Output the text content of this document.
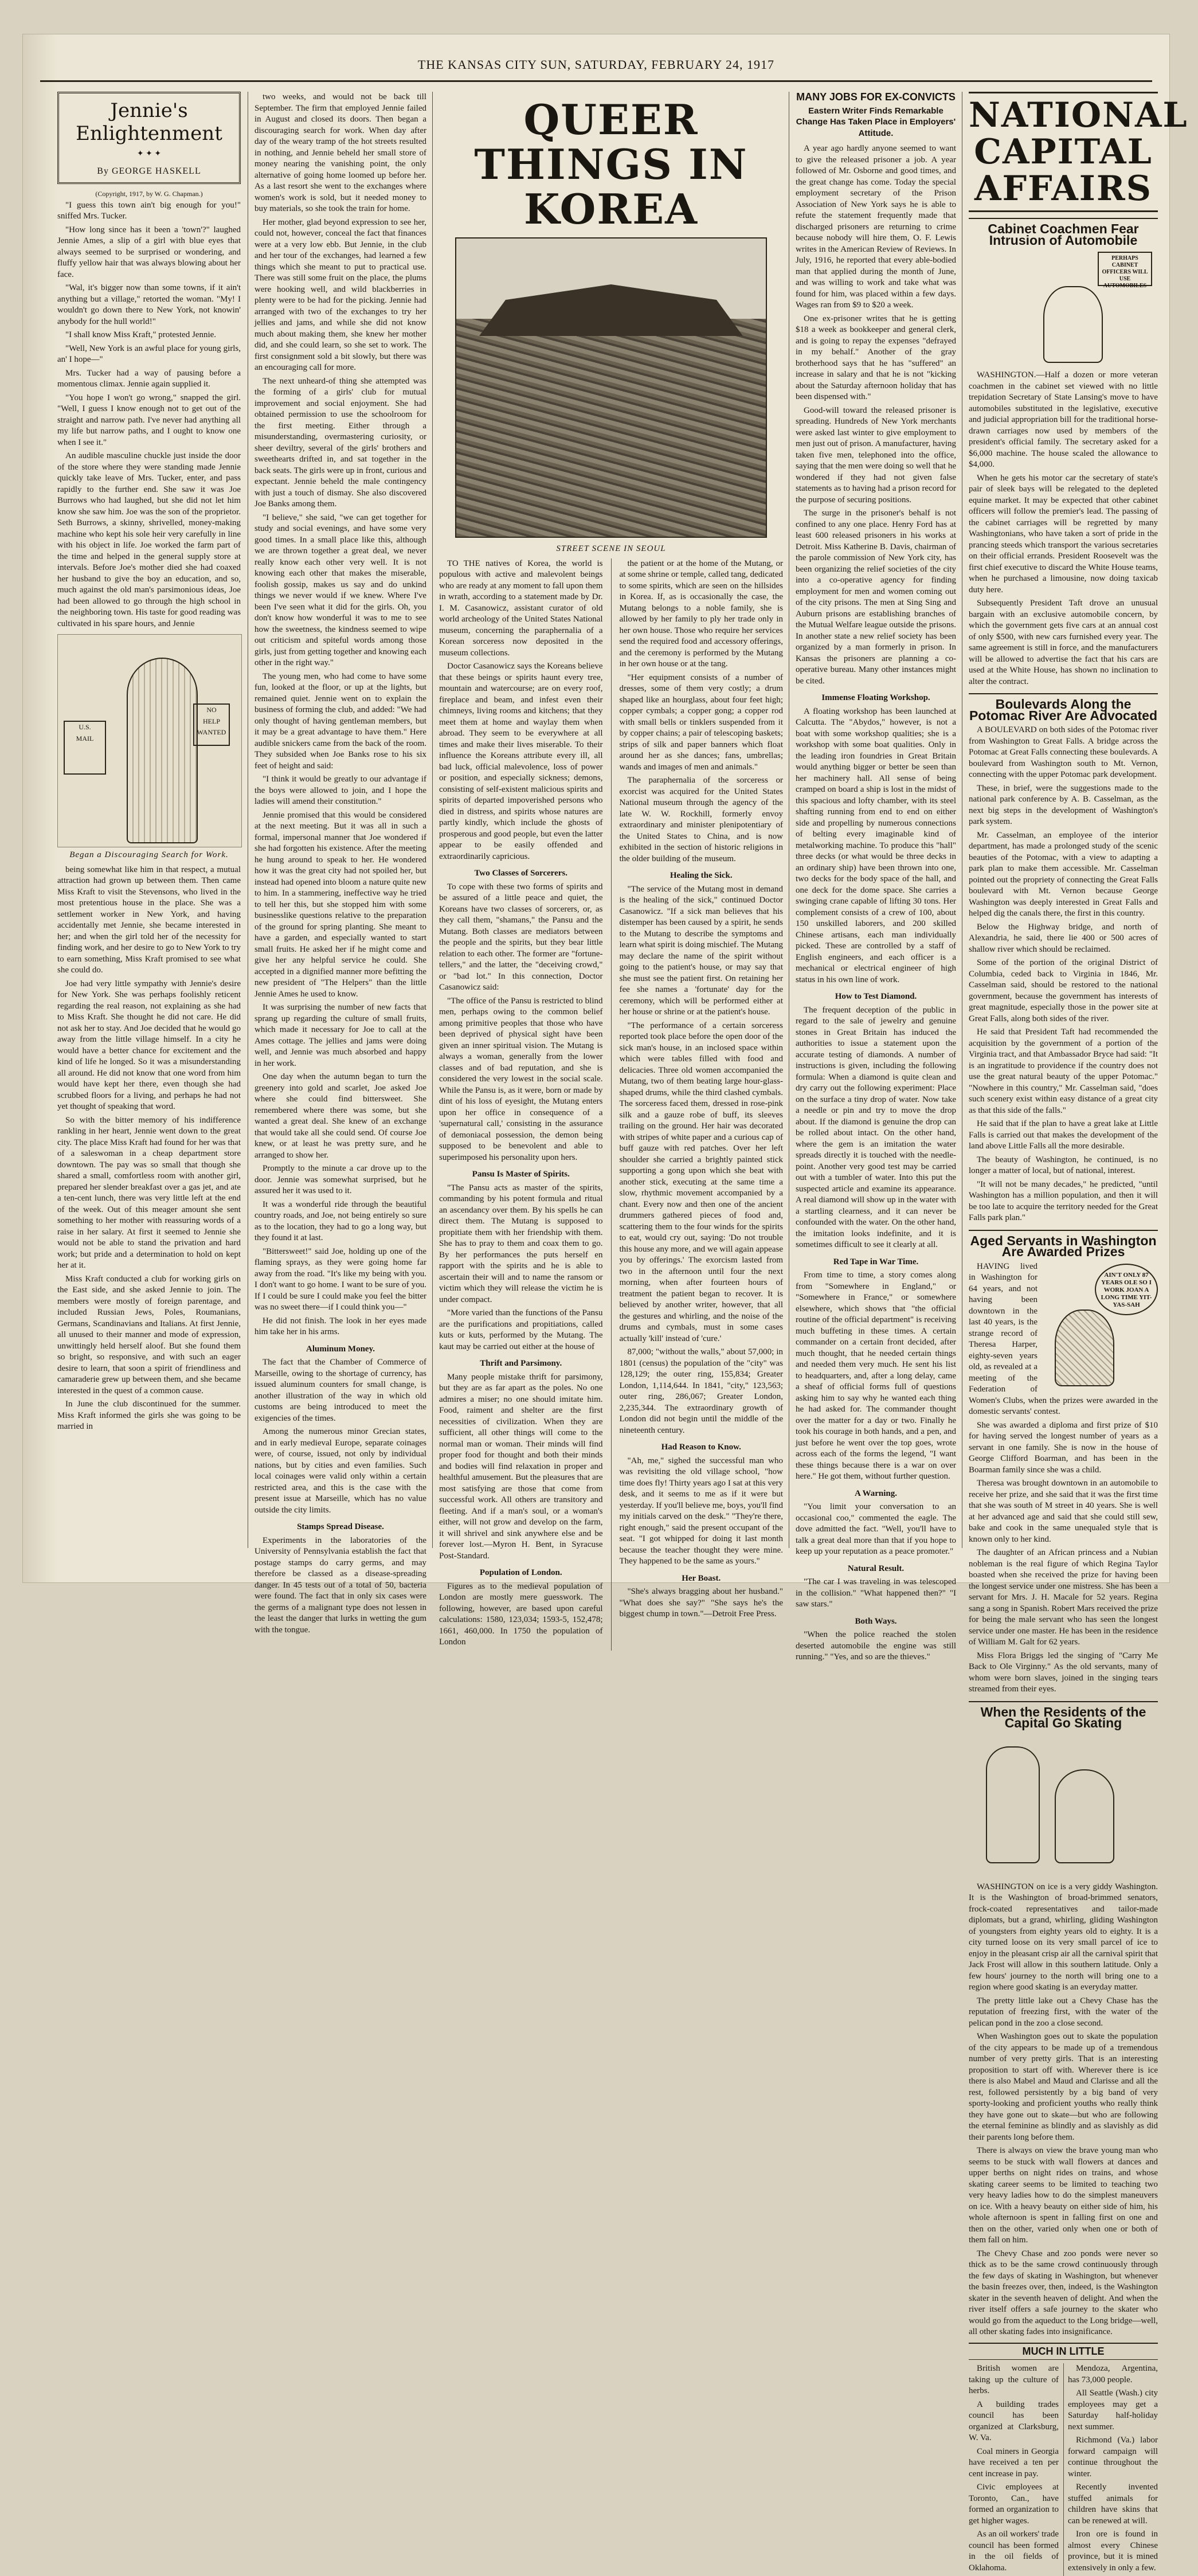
THE KANSAS CITY SUN, SATURDAY, FEBRUARY 24, 1917
Jennie's Enlightenment
✦ ✦ ✦
By GEORGE HASKELL
(Copyright, 1917, by W. G. Chapman.)

"I guess this town ain't big enough for you!" sniffed Mrs. Tucker.

"How long since has it been a 'town'?" laughed Jennie Ames, a slip of a girl with blue eyes that always seemed to be surprised or wondering, and fluffy yellow hair that was always blowing about her face.

"Wal, it's bigger now than some towns, if it ain't anything but a village," retorted the woman. "My! I wouldn't go down there to New York, not knowin' anybody for the hull world!"

"I shall know Miss Kraft," protested Jennie.

"Well, New York is an awful place for young girls, an' I hope—"

Mrs. Tucker had a way of pausing before a momentous climax. Jennie again supplied it.

"You hope I won't go wrong," snapped the girl. "Well, I guess I know enough not to get out of the straight and narrow path. I've never had anything all my life but narrow paths, and I ought to know one when I see it."

An audible masculine chuckle just inside the door of the store where they were standing made Jennie quickly take leave of Mrs. Tucker, enter, and pass rapidly to the further end. She saw it was Joe Burrows who had laughed, but she did not let him know she saw him. Joe was the son of the proprietor. Seth Burrows, a skinny, shrivelled, money-making machine who kept his sole heir very carefully in line with his object in life. Joe worked the farm part of the time and helped in the general supply store at intervals. Before Joe's mother died she had coaxed her husband to give the boy an education, and so, much against the old man's parsimonious ideas, Joe had been allowed to go through the high school in the neighboring town. His taste for good reading was cultivated in his spare hours, and Jennie

U.S.
MAIL
NO
HELP
WANTED
Began a Discouraging Search for Work.

being somewhat like him in that respect, a mutual attraction had grown up between them. Then came Miss Kraft to visit the Stevensons, who lived in the most pretentious house in the place. She was a settlement worker in New York, and having accidentally met Jennie, she became interested in her; and when the girl told her of the necessity for finding work, and her desire to go to New York to try to earn something, Miss Kraft promised to see what she could do.

Joe had very little sympathy with Jennie's desire for New York. She was perhaps foolishly reticent regarding the real reason, not explaining as she had to Miss Kraft. She thought he did not care. He did not ask her to stay. And Joe decided that he would go away from the little village himself. In a city he would have a better chance for excitement and the kind of life he longed. So it was a misunderstanding all around. He did not know that one word from him would have kept her there, even though she had scrubbed floors for a living, and perhaps he had not yet thought of speaking that word.

So with the bitter memory of his indifference rankling in her heart, Jennie went down to the great city. The place Miss Kraft had found for her was that of a saleswoman in a cheap department store downtown. The pay was so small that though she shared a small, comfortless room with another girl, prepared her slender breakfast over a gas jet, and ate a ten-cent lunch, there was very little left at the end of the week. Out of this meager amount she sent something to her mother with reassuring words of a raise in her salary. At first it seemed to Jennie she would not be able to stand the privation and hard work; but pride and a determination to hold on kept her at it.

Miss Kraft conducted a club for working girls on the East side, and she asked Jennie to join. The members were mostly of foreign parentage, and included Russian Jews, Poles, Roumanians, Germans, Scandinavians and Italians. At first Jennie, all unused to their manner and mode of expression, unwittingly held herself aloof. But she found them so bright, so responsive, and with such an eager desire to learn, that soon a spirit of friendliness and camaraderie grew up between them, and she became interested in the quest of a common cause.

In June the club discontinued for the summer. Miss Kraft informed the girls she was going to be married in

two weeks, and would not be back till September. The firm that employed Jennie failed in August and closed its doors. Then began a discouraging search for work. When day after day of the weary tramp of the hot streets resulted in nothing, and Jennie beheld her small store of money nearing the vanishing point, the only alternative of going home loomed up before her. As a last resort she went to the exchanges where women's work is sold, but it needed money to buy materials, so she took the train for home.

Her mother, glad beyond expression to see her, could not, however, conceal the fact that finances were at a very low ebb. But Jennie, in the club and her tour of the exchanges, had learned a few things which she meant to put to practical use. There was still some fruit on the place, the plums were hooking well, and wild blackberries in plenty were to be had for the picking. Jennie had arranged with two of the exchanges to try her jellies and jams, and while she did not know much about making them, she knew her mother did, and she could learn, so she set to work. The first consignment sold a bit slowly, but there was an encouraging call for more.

The next unheard-of thing she attempted was the forming of a girls' club for mutual improvement and social enjoyment. She had obtained permission to use the schoolroom for the first meeting. Either through a misunderstanding, overmastering curiosity, or sheer deviltry, several of the girls' brothers and sweethearts drifted in, and sat together in the back seats. The girls were up in front, curious and expectant. Jennie beheld the male contingency with just a touch of dismay. She also discovered Joe Banks among them.

"I believe," she said, "we can get together for study and social evenings, and have some very good times. In a small place like this, although we are thrown together a great deal, we never really know each other very well. It is not knowing each other that makes the miserable, foolish gossip, makes us say and do unkind things we never would if we knew. Where I've been I've seen what it did for the girls. Oh, you don't know how wonderful it was to me to see how the sweetness, the kindness seemed to wipe out criticism and spiteful words among those girls, just from getting together and knowing each other in the right way."

The young men, who had come to have some fun, looked at the floor, or up at the lights, but remained quiet. Jennie went on to explain the business of forming the club, and added: "We had only thought of having gentleman members, but it may be a great advantage to have them." Here audible snickers came from the back of the room. They subsided when Joe Banks rose to his six feet of height and said:

"I think it would be greatly to our advantage if the boys were allowed to join, and I hope the ladies will amend their constitution."

Jennie promised that this would be considered at the next meeting. But it was all in such a formal, impersonal manner that Joe wondered if she had forgotten his existence. After the meeting he hung around to speak to her. He wondered how it was the great city had not spoiled her, but instead had opened into bloom a nature quite new to him. In a stammering, ineffective way he tried to tell her this, but she stopped him with some businesslike questions relative to the preparation of the ground for spring planting. She meant to have a garden, and especially wanted to start small fruits. He asked her if he might come and give her any helpful service he could. She accepted in a dignified manner more befitting the new president of "The Helpers" than the little Jennie Ames he used to know.

It was surprising the number of new facts that sprang up regarding the culture of small fruits, which made it necessary for Joe to call at the Ames cottage. The jellies and jams were doing well, and Jennie was much absorbed and happy in her work.

One day when the autumn began to turn the greenery into gold and scarlet, Joe asked Joe where she could find bittersweet. She remembered where there was some, but she wanted a great deal. She knew of an exchange that would take all she could send. Of course Joe knew, or at least he was pretty sure, and he arranged to show her.

Promptly to the minute a car drove up to the door. Jennie was somewhat surprised, but he assured her it was used to it.

It was a wonderful ride through the beautiful country roads, and Joe, not being entirely so sure as to the location, they had to go a long way, but they found it at last.

"Bittersweet!" said Joe, holding up one of the flaming sprays, as they were going home far away from the road. "It's like my being with you. I don't want to go home. I want to be sure of you. If I could be sure I could make you feel the bitter was no sweet there—if I could think you—"

He did not finish. The look in her eyes made him take her in his arms.

Aluminum Money.

The fact that the Chamber of Commerce of Marseille, owing to the shortage of currency, has issued aluminum counters for small change, is another illustration of the way in which old customs are being introduced to meet the exigencies of the times.

Among the numerous minor Grecian states, and in early medieval Europe, separate coinages were, of course, issued, not only by individual nations, but by cities and even families. Such local coinages were valid only within a certain restricted area, and this is the case with the present issue at Marseille, which has no value outside the city limits.

Stamps Spread Disease.

Experiments in the laboratories of the University of Pennsylvania establish the fact that postage stamps do carry germs, and may therefore be classed as a disease-spreading danger. In 45 tests out of a total of 50, bacteria were found. The fact that in only six cases were the germs of a malignant type does not lessen in the least the danger that lurks in wetting the gum with the tongue.

QUEER THINGS IN KOREA
STREET SCENE IN SEOUL

TO THE natives of Korea, the world is populous with active and malevolent beings who are ready at any moment to fall upon them in wrath, according to a statement made by Dr. I. M. Casanowicz, assistant curator of old world archeology of the United States National museum, concerning the paraphernalia of a Korean sorceress now deposited in the museum collections.

Doctor Casanowicz says the Koreans believe that these beings or spirits haunt every tree, mountain and watercourse; are on every roof, fireplace and beam, and infest even their chimneys, living rooms and kitchens; that they meet them at home and waylay them when abroad. They seem to be everywhere at all times and make their lives miserable. To their influence the Koreans attribute every ill, all bad luck, official malevolence, loss of power or position, and especially sickness; demons, consisting of self-existent malicious spirits and spirits of departed impoverished persons who died in distress, and spirits whose natures are partly kindly, which include the ghosts of prosperous and good people, but even the latter appear to be easily offended and extraordinarily capricious.

Two Classes of Sorcerers.

To cope with these two forms of spirits and be assured of a little peace and quiet, the Koreans have two classes of sorcerers, or, as they call them, "shamans," the Pansu and the Mutang. Both classes are mediators between the people and the spirits, but they bear little relation to each other. The former are "fortune-tellers," and the latter, the "deceiving crowd," or "bad lot." In this connection, Doctor Casanowicz said:

"The office of the Pansu is restricted to blind men, perhaps owing to the common belief among primitive peoples that those who have been deprived of physical sight have been given an inner spiritual vision. The Mutang is always a woman, generally from the lower classes and of bad reputation, and she is considered the very lowest in the social scale. While the Pansu is, as it were, born or made by dint of his loss of eyesight, the Mutang enters upon her office in consequence of a 'supernatural call,' consisting in the assurance of demoniacal possession, the demon being supposed to be benevolent and able to superimposed his personality upon hers.

Pansu Is Master of Spirits.

"The Pansu acts as master of the spirits, commanding by his potent formula and ritual an ascendancy over them. By his spells he can direct them. The Mutang is supposed to propitiate them with her friendship with them. She has to pray to them and coax them to go. By her performances the puts herself en rapport with the spirits and he is able to ascertain their will and to name the ransom or victim which they will release the victim he is under compact.

"More varied than the functions of the Pansu are the purifications and propitiations, called kuts or kuts, performed by the Mutang. The kaut may be carried out either at the house of

Thrift and Parsimony.

Many people mistake thrift for parsimony, but they are as far apart as the poles. No one admires a miser; no one should imitate him. Food, raiment and shelter are the first necessities of civilization. When they are sufficient, all other things will come to the normal man or woman. Their minds will find proper food for thought and both their minds and bodies will find relaxation in proper and healthful amusement. But the pleasures that are most satisfying are those that come from successful work. All others are transitory and fleeting. And if a man's soul, or a woman's either, will not grow and develop on the farm, it will shrivel and sink anywhere else and be forever lost.—Myron H. Bent, in Syracuse Post-Standard.

Population of London.

Figures as to the medieval population of London are mostly mere guesswork. The following, however, are based upon careful calculations: 1580, 123,034; 1593-5, 152,478; 1661, 460,000. In 1750 the population of London

the patient or at the home of the Mutang, or at some shrine or temple, called tang, dedicated to some spirits, which are seen on the hillsides in Korea. If, as is occasionally the case, the Mutang belongs to a noble family, she is allowed by her family to ply her trade only in her own house. Those who require her services send the required food and accessory offerings, and the ceremony is performed by the Mutang in her own house or at the tang.

"Her equipment consists of a number of dresses, some of them very costly; a drum shaped like an hourglass, about four feet high; copper cymbals; a copper gong; a copper rod with small bells or tinklers suspended from it by copper chains; a pair of telescoping baskets; strips of silk and paper banners which float around her as she dances; fans, umbrellas; wands and images of men and animals."

The paraphernalia of the sorceress or exorcist was acquired for the United States National museum through the agency of the late W. W. Rockhill, formerly envoy extraordinary and minister plenipotentiary of the United States to China, and is now exhibited in the section of historic religions in the older building of the museum.

Healing the Sick.

"The service of the Mutang most in demand is the healing of the sick," continued Doctor Casanowicz. "If a sick man believes that his distemper has been caused by a spirit, he sends to the Mutang to describe the symptoms and learn what spirit is doing mischief. The Mutang may declare the name of the spirit without going to the patient's house, or may say that she must see the patient first. On retaining her fee she names a 'fortunate' day for the ceremony, which will be performed either at her house or shrine or at the patient's house.

"The performance of a certain sorceress reported took place before the open door of the sick man's house, in an inclosed space within which were tables filled with food and delicacies. Three old women accompanied the Mutang, two of them beating large hour-glass-shaped drums, while the third clashed cymbals. The sorceress faced them, dressed in rose-pink silk and a gauze robe of buff, its sleeves trailing on the ground. Her hair was decorated with stripes of white paper and a curious cap of buff gauze with red patches. Over her left shoulder she carried a brightly painted stick supporting a gong upon which she beat with another stick, executing at the same time a slow, rhythmic movement accompanied by a chant. Every now and then one of the ancient drummers gathered pieces of food and, scattering them to the four winds for the spirits to eat, would cry out, saying: 'Do not trouble this house any more, and we will again appease you by offerings.' The exorcism lasted from two in the afternoon until four the next morning, when after fourteen hours of treatment the patient began to recover. It is believed by another writer, however, that all the gestures and whirling, and the noise of the drums and cymbals, must in some cases actually 'kill' instead of 'cure.'

87,000; "without the walls," about 57,000; in 1801 (census) the population of the "city" was 128,129; the outer ring, 155,834; Greater London, 1,114,644. In 1841, "city," 123,563; outer ring, 286,067; Greater London, 2,235,344. The extraordinary growth of London did not begin until the middle of the nineteenth century.

Had Reason to Know.

"Ah, me," sighed the successful man who was revisiting the old village school, "how time does fly! Thirty years ago I sat at this very desk, and it seems to me as if it were but yesterday. If you'll believe me, boys, you'll find my initials carved on the desk." "They're there, right enough," said the present occupant of the seat. "I got whipped for doing it last month because the teacher thought they were mine. They happened to be the same as yours."

Her Boast.

"She's always bragging about her husband." "What does she say?" "She says he's the biggest chump in town."—Detroit Free Press.

MANY JOBS FOR EX-CONVICTS
Eastern Writer Finds Remarkable Change Has Taken Place in Employers' Attitude.

A year ago hardly anyone seemed to want to give the released prisoner a job. A year followed of Mr. Osborne and good times, and the great change has come. Today the special employment secretary of the Prison Association of New York says he is able to refute the statement frequently made that discharged prisoners are returning to crime because nobody will hire them, O. F. Lewis writes in the American Review of Reviews. In July, 1916, he reported that every able-bodied man that applied during the month of June, and was willing to work and take what was found for him, was placed within a few days. Wages ran from $9 to $20 a week.

One ex-prisoner writes that he is getting $18 a week as bookkeeper and general clerk, and is going to repay the expenses "defrayed in my behalf." Another of the gray brotherhood says that he has "suffered" an increase in salary and that he is not "kicking about the Saturday afternoon holiday that has been dispensed with."

Good-will toward the released prisoner is spreading. Hundreds of New York merchants were asked last winter to give employment to men just out of prison. A manufacturer, having taken five men, telephoned into the office, saying that the men were doing so well that he wondered if they had not given false statements as to having had a prison record for the purpose of securing positions.

The surge in the prisoner's behalf is not confined to any one place. Henry Ford has at least 600 released prisoners in his works at Detroit. Miss Katherine B. Davis, chairman of the parole commission of New York city, has been organizing the relief societies of the city into a co-operative agency for finding employment for men and women coming out of the city prisons. The men at Sing Sing and Auburn prisons are establishing branches of the Mutual Welfare league outside the prisons. In another state a new relief society has been organized by a man formerly in prison. In Kansas the prisoners are planning a co-operative bureau. Many other instances might be cited.

Immense Floating Workshop.

A floating workshop has been launched at Calcutta. The "Abydos," however, is not a boat with some workshop qualities; she is a workshop with some boat qualities. Only in the leading iron foundries in Great Britain would anything bigger or better be seen than her machinery hall. All sense of being cramped on board a ship is lost in the midst of this spacious and lofty chamber, with its steel shafting running from end to end on either side and propelling by numerous connections of belting every imaginable kind of metalworking machine. To produce this "hall" three decks (or what would be three decks in an ordinary ship) have been thrown into one, two decks for the body space of the hall, and one deck for the dome space. She carries a swinging crane capable of lifting 30 tons. Her complement consists of a crew of 100, about 150 unskilled laborers, and 200 skilled Chinese artisans, each man individually picked. These are controlled by a staff of English engineers, and each officer is a mechanical or electrical engineer of high status in his own line of work.

How to Test Diamond.

The frequent deception of the public in regard to the sale of jewelry and genuine stones in Great Britain has induced the authorities to issue a statement upon the accurate testing of diamonds. A number of instructions is given, including the following formula: When a diamond is quite clean and dry carry out the following experiment: Place on the surface a tiny drop of water. Now take a needle or pin and try to move the drop about. If the diamond is genuine the drop can be rolled about intact. On the other hand, where the gem is an imitation the water spreads directly it is touched with the needle-point. Another very good test may be carried out with a tumbler of water. Into this put the suspected article and examine its appearance. A real diamond will show up in the water with a startling clearness, and it can never be confounded with the water. On the other hand, the imitation looks indefinite, and it is sometimes difficult to see it clearly at all.

Red Tape in War Time.

From time to time, a story comes along from "Somewhere in England," or "Somewhere in France," or somewhere elsewhere, which shows that "the official routine of the official department" is receiving much buffeting in these times. A certain commander on a certain front decided, after much thought, that he needed certain things and needed them very much. He sent his list to headquarters, and, after a long delay, came a sheaf of official forms full of questions asking him to say why he wanted each thing he had asked for. The commander thought over the matter for a day or two. Finally he took his courage in both hands, and a pen, and just before he went over the top goes, wrote across each of the forms the legend, "I want these things because there is a war on over here." He got them, without further question.

A Warning.

"You limit your conversation to an occasional coo," commented the eagle. The dove admitted the fact. "Well, you'll have to talk a great deal more than that if you hope to keep up your reputation as a peace promoter."

Natural Result.

"The car I was traveling in was telescoped in the collision." "What happened then?" "I saw stars."

Both Ways.

"When the police reached the stolen deserted automobile the engine was still running." "Yes, and so are the thieves."

NATIONAL CAPITAL AFFAIRS
Cabinet Coachmen Fear Intrusion of Automobile
PERHAPS CABINET OFFICERS WILL USE AUTOMOBILES

WASHINGTON.—Half a dozen or more veteran coachmen in the cabinet set viewed with no little trepidation Secretary of State Lansing's move to have automobiles substituted in the legislative, executive and judicial appropriation bill for the traditional horse-drawn carriages now used by members of the president's official family. The secretary asked for a $6,000 machine. The house scaled the allowance to $4,000.

When he gets his motor car the secretary of state's pair of sleek bays will be relegated to the depleted equine market. It may be expected that other cabinet officers will follow the premier's lead. The passing of the cabinet carriages will be regretted by many Washingtonians, who have taken a sort of pride in the prancing steeds which transport the various secretaries on their official errands. President Roosevelt was the first chief executive to discard the White House teams, when he purchased a limousine, now doing taxicab duty here.

Subsequently President Taft drove an unusual bargain with an exclusive automobile concern, by which the government gets five cars at an annual cost of only $500, with new cars furnished every year. The same agreement is still in force, and the manufacturers will be allowed to advertise the fact that his cars are used at the White House, has shown no inclination to alter the contract.

Boulevards Along the Potomac River Are Advocated

A BOULEVARD on both sides of the Potomac river from Washington to Great Falls. A bridge across the Potomac at Great Falls connecting these boulevards. A boulevard from Washington south to Mt. Vernon, connecting with the upper Potomac park development.

These, in brief, were the suggestions made to the national park conference by A. B. Casselman, as the next big steps in the development of Washington's park system.

Mr. Casselman, an employee of the interior department, has made a prolonged study of the scenic beauties of the Potomac, with a view to adapting a park plan to make them accessible. Mr. Casselman pointed out the propriety of connecting the Great Falls boulevard with Mt. Vernon because George Washington was deeply interested in Great Falls and helped dig the canals there, the first in this country.

Below the Highway bridge, and north of Alexandria, he said, there lie 400 or 500 acres of shallow river which should be reclaimed.

Some of the portion of the original District of Columbia, ceded back to Virginia in 1846, Mr. Casselman said, should be restored to the national government, because the government has interests of great magnitude, especially those in the power site at Great Falls, along both sides of the river.

He said that President Taft had recommended the acquisition by the government of a portion of the Virginia tract, and that Ambassador Bryce had said: "It is an ingratitude to providence if the country does not use the great natural beauty of the upper Potomac." "Nowhere in this country," Mr. Casselman said, "does such scenery exist within easy distance of a great city as that this side of the falls."

He said that if the plan to have a great lake at Little Falls is carried out that makes the development of the land above Little Falls all the more desirable.

The beauty of Washington, he continued, is no longer a matter of local, but of national, interest.

"It will not be many decades," he predicted, "until Washington has a million population, and then it will be too late to acquire the territory needed for the Great Falls park plan."

Aged Servants in Washington Are Awarded Prizes
AIN'T ONLY 87 YEARS OLE SO I WORK JOAN A LONG TIME YIT- YAS-SAH

HAVING lived in Washington for 64 years, and not having been downtown in the last 40 years, is the strange record of Theresa Harper, eighty-seven years old, as revealed at a meeting of the Federation of Women's Clubs, when the prizes were awarded in the domestic servants' contest.

She was awarded a diploma and first prize of $10 for having served the longest number of years as a servant in one family. She is now in the house of George Clifford Boarman, and has been in the Boarman family since she was a child.

Theresa was brought downtown in an automobile to receive her prize, and she said that it was the first time that she was south of M street in 40 years. She is well at her advanced age and said that she could still sew, bake and cook in the same unequaled style that is known only to her kind.

The daughter of an African princess and a Nubian nobleman is the real figure of which Regina Taylor boasted when she received the prize for having been the longest service under one mistress. She has been a servant for Mrs. J. H. Macale for 52 years. Regina sang a song in Spanish. Robert Mars received the prize for being the male servant who has seen the longest service under one master. He has been in the residence of William M. Galt for 62 years.

Miss Flora Briggs led the singing of "Carry Me Back to Ole Virginny." As the old servants, many of whom were born slaves, joined in the singing tears streamed from their eyes.

When the Residents of the Capital Go Skating

WASHINGTON on ice is a very giddy Washington. It is the Washington of broad-brimmed senators, frock-coated representatives and tailor-made diplomats, but a grand, whirling, gliding Washington of youngsters from eighty years old to eighty. It is a city turned loose on its very small parcel of ice to enjoy in the pleasant crisp air all the carnival spirit that Jack Frost will allow in this southern latitude. Only a few hours' journey to the north will bring one to a region where good skating is an everyday matter.

The pretty little lake out a Chevy Chase has the reputation of freezing first, with the water of the pelican pond in the zoo a close second.

When Washington goes out to skate the population of the city appears to be made up of a tremendous number of very pretty girls. That is an interesting proposition to start off with. Wherever there is ice there is also Mabel and Maud and Clarisse and all the rest, followed persistently by a big band of very sporty-looking and proficient youths who really think they have gone out to skate—but who are following the eternal feminine as blindly and as slavishly as did their parents long before them.

There is always on view the brave young man who seems to be stuck with wall flowers at dances and upper berths on night rides on trains, and whose skating career seems to be limited to teaching two very heavy ladies how to do the simplest maneuvers on ice. With a heavy beauty on either side of him, his whole afternoon is spent in falling first on one and then on the other, varied only when one or both of them fall on him.

The Chevy Chase and zoo ponds were never so thick as to be the same crowd continuously through the few days of skating in Washington, but whenever the basin freezes over, then, indeed, is the Washington skater in the seventh heaven of delight. And when the river itself offers a safe journey to the skater who would go from the aqueduct to the Long bridge—well, all other skating fades into insignificance.

MUCH IN LITTLE

British women are taking up the culture of herbs.

A building trades council has been organized at Clarksburg, W. Va.

Coal miners in Georgia have received a ten per cent increase in pay.

Civic employees at Toronto, Can., have formed an organization to get higher wages.

As an oil workers' trade council has been formed in the oil fields of Oklahoma.

Mendoza, Argentina, has 73,000 people.

All Seattle (Wash.) city employees may get a Saturday half-holiday next summer.

Richmond (Va.) labor forward campaign will continue throughout the winter.

Recently invented stuffed animals for children have skins that can be renewed at will.

Iron ore is found in almost every Chinese province, but it is mined extensively in only a few.
